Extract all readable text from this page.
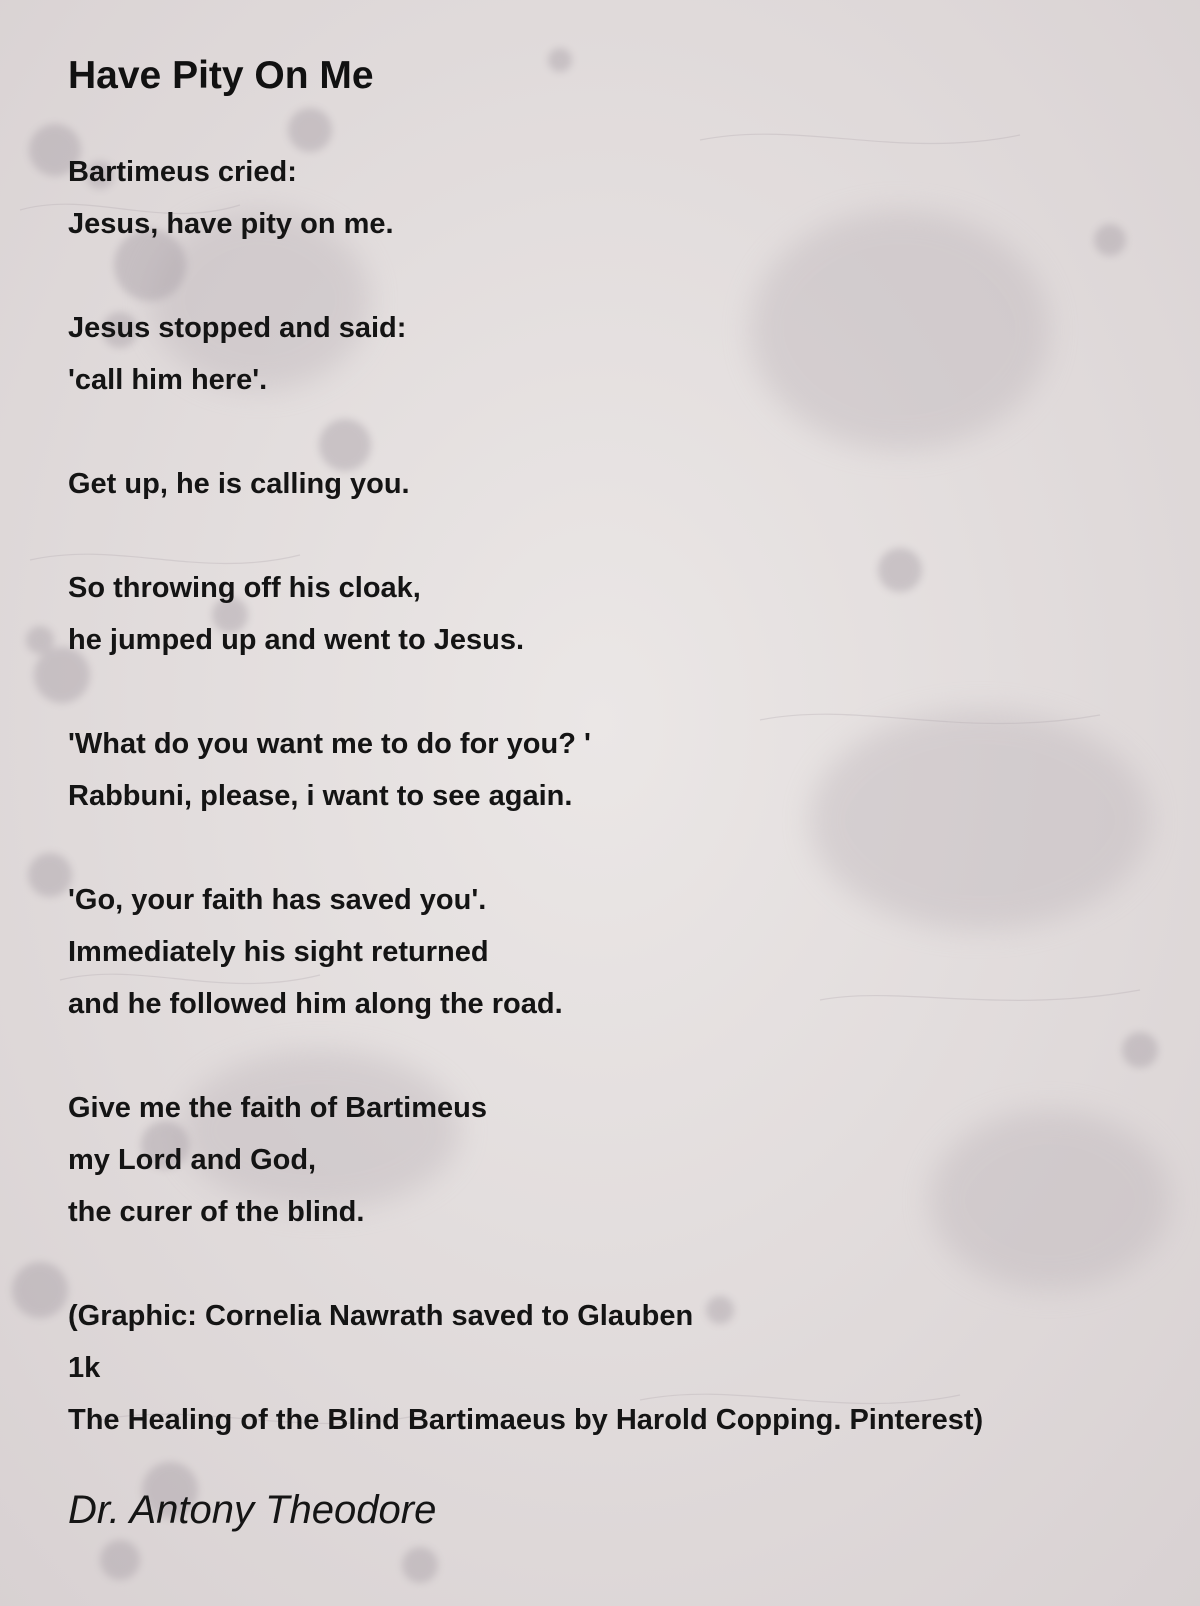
Have Pity On Me
Bartimeus cried:
Jesus, have pity on me.
Jesus stopped and said:
'call him here'.
Get up, he is calling you.
So throwing off his cloak,
he jumped up and went to Jesus.
'What do you want me to do for you? '
Rabbuni, please, i want to see again.
'Go, your faith has saved you'.
Immediately his sight returned
and he followed him along the road.
Give me the faith of Bartimeus
my Lord and God,
the curer of the blind.
(Graphic: Cornelia Nawrath saved to Glauben
1k
The Healing of the Blind Bartimaeus by Harold Copping. Pinterest)
Dr. Antony Theodore
